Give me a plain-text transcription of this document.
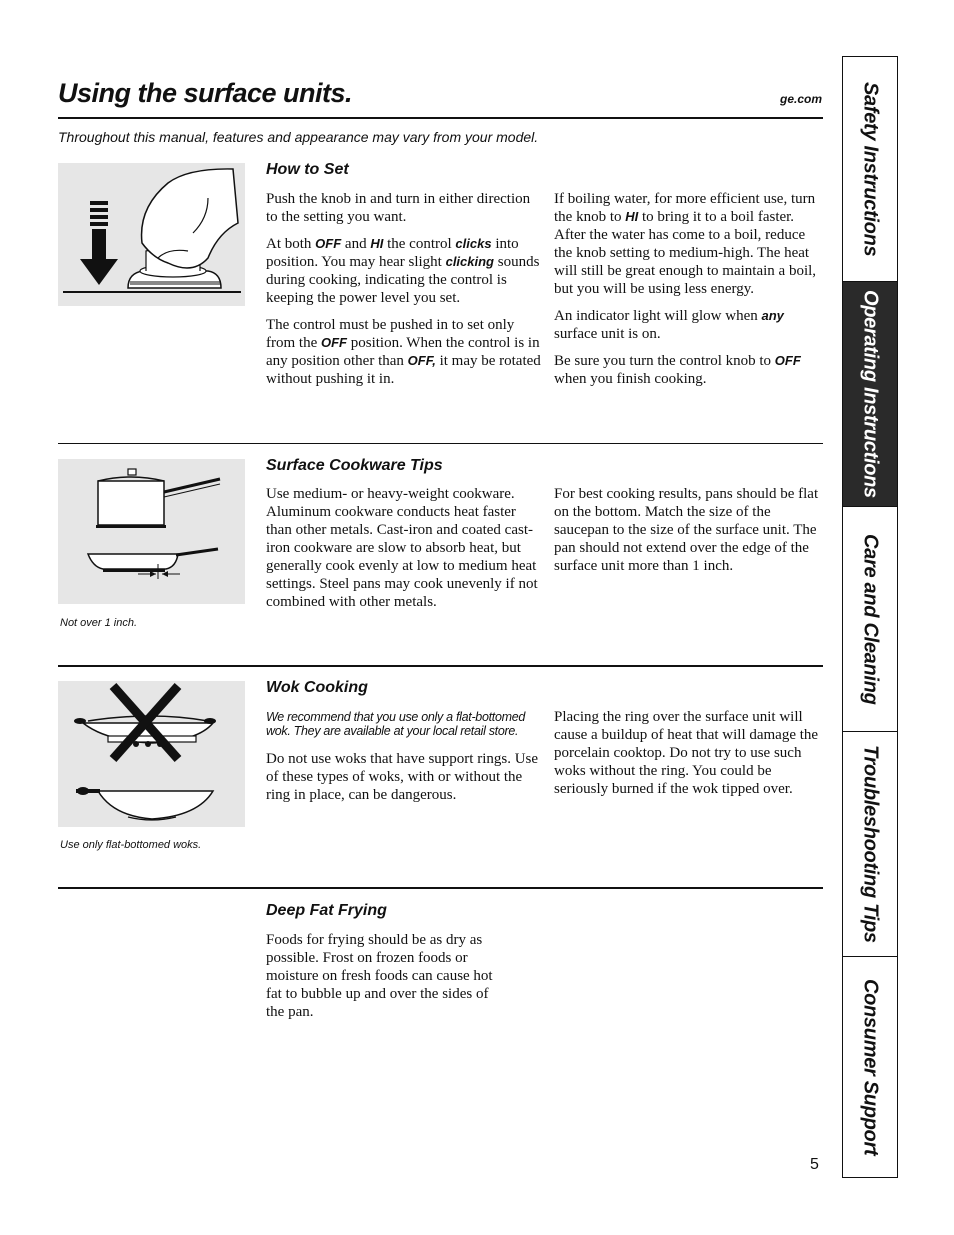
Using the surface units.	ge.com
Throughout this manual, features and appearance may vary from your model.
How to Set

Push the knob in and turn in either direction to the setting you want.

At both OFF and HI the control clicks into position. You may hear slight clicking sounds during cooking, indicating the control is keeping the power level you set.

The control must be pushed in to set only from the OFF position. When the control is in any position other than OFF, it may be rotated without pushing it in.

If boiling water, for more efficient use, turn the knob to HI to bring it to a boil faster. After the water has come to a boil, reduce the knob setting to medium-high. The heat will still be great enough to maintain a boil, but you will be using less energy.

An indicator light will glow when any surface unit is on.

Be sure you turn the control knob to OFF when you finish cooking.

Not over 1 inch.
Surface Cookware Tips

Use medium- or heavy-weight cookware. Aluminum cookware conducts heat faster than other metals. Cast-iron and coated cast-iron cookware are slow to absorb heat, but generally cook evenly at low to medium heat settings. Steel pans may cook unevenly if not combined with other metals.

For best cooking results, pans should be flat on the bottom. Match the size of the saucepan to the size of the surface unit. The pan should not extend over the edge of the surface unit more than 1 inch.

Use only flat-bottomed woks.
Wok Cooking

We recommend that you use only a flat-bottomed wok. They are available at your local retail store.

Do not use woks that have support rings. Use of these types of woks, with or without the ring in place, can be dangerous.

Placing the ring over the surface unit will cause a buildup of heat that will damage the porcelain cooktop. Do not try to use such woks without the ring. You could be seriously burned if the wok tipped over.

Deep Fat Frying

Foods for frying should be as dry as possible. Frost on frozen foods or moisture on fresh foods can cause hot fat to bubble up and over the sides of the pan.

Safety Instructions
Operating Instructions
Care and Cleaning
Troubleshooting Tips
Consumer Support
5
